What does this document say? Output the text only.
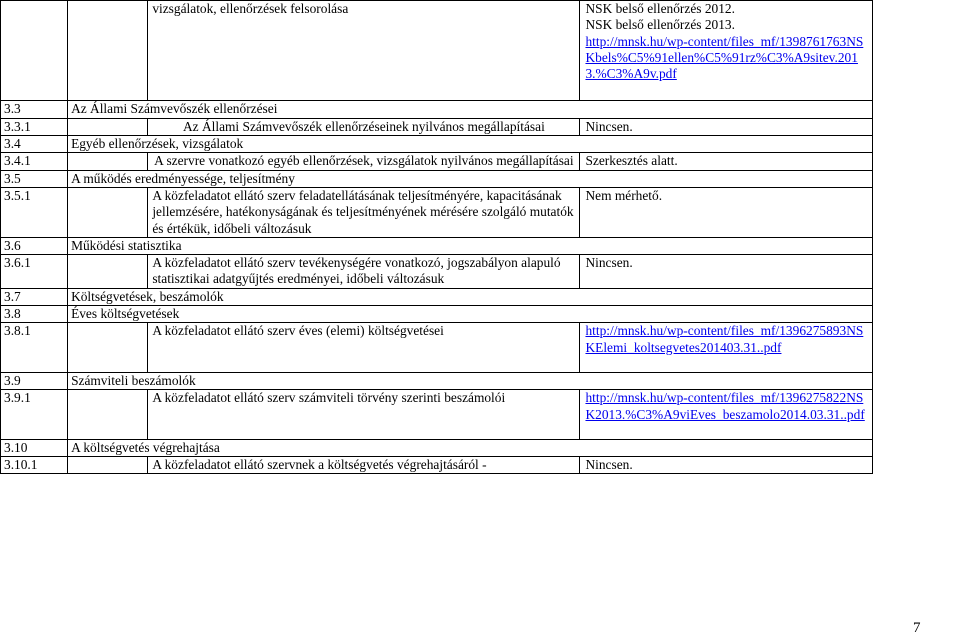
		vizsgálatok, ellenőrzések felsorolása	NSK belső ellenőrzés 2012.
NSK belső ellenőrzés 2013.
http://mnsk.hu/wp-content/files_mf/1398761763NSKbels%C5%91ellen%C5%91rz%C3%A9sitev.2013.%C3%A9v.pdf
3.3	Az Állami Számvevőszék ellenőrzései		
3.3.1		Az Állami Számvevőszék ellenőrzéseinek nyilvános megállapításai	Nincsen.
3.4	Egyéb ellenőrzések, vizsgálatok		
3.4.1		A szervre vonatkozó egyéb ellenőrzések, vizsgálatok nyilvános megállapításai	Szerkesztés alatt.
3.5	A működés eredményessége, teljesítmény		
3.5.1		A közfeladatot ellátó szerv feladatellátásának teljesítményére, kapacitásának jellemzésére, hatékonyságának és teljesítményének mérésére szolgáló mutatók és értékük, időbeli változásuk	Nem mérhető.
3.6	Működési statisztika		
3.6.1		A közfeladatot ellátó szerv tevékenységére vonatkozó, jogszabályon alapuló statisztikai adatgyűjtés eredményei, időbeli változásuk	Nincsen.
3.7	Költségvetések, beszámolók		
3.8	Éves költségvetések		
3.8.1		A közfeladatot ellátó szerv éves (elemi) költségvetései	http://mnsk.hu/wp-content/files_mf/1396275893NSKElemi_koltsegvetes201403.31..pdf
3.9	Számviteli beszámolók		
3.9.1		A közfeladatot ellátó szerv számviteli törvény szerinti beszámolói	http://mnsk.hu/wp-content/files_mf/1396275822NSK2013.%C3%A9viEves_beszamolo2014.03.31..pdf
3.10	A költségvetés végrehajtása		
3.10.1		A közfeladatot ellátó szervnek a költségvetés végrehajtásáról -	Nincsen.
7
